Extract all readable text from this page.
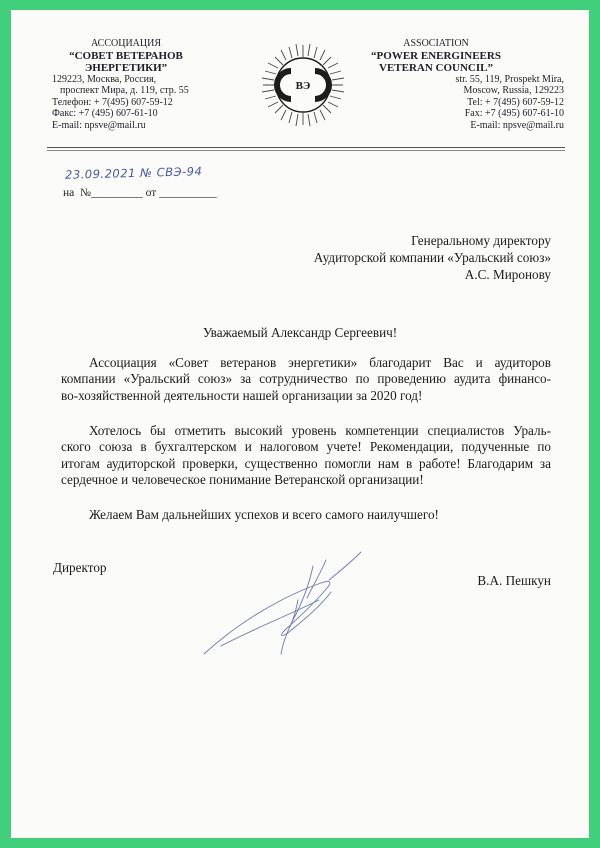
АССОЦИАЦИЯ
“СОВЕТ ВЕТЕРАНОВ
ЭНЕРГЕТИКИ”
129223, Москва, Россия,
проспект Мира, д. 119, стр. 55
Телефон: + 7(495) 607-59-12
Факс: +7 (495) 607-61-10
E-mail: npsve@mail.ru
ВЭ
ASSOCIATION
“POWER ENERGINEERS
VETERAN COUNCIL”
str. 55, 119, Prospekt Mira,
Moscow, Russia, 129223
Tel: + 7(495) 607-59-12
Fax: +7 (495) 607-61-10
E-mail: npsve@mail.ru
23.09.2021 № СВЭ-94
на  №_________ от __________
Генеральному директору
Аудиторской компании «Уральский союз»
А.С. Миронову
Уважаемый Александр Сергеевич!
Ассоциация «Совет ветеранов энергетики» благодарит Вас и аудиторов
компании «Уральский союз» за сотрудничество по проведению аудита финансо-
во-хозяйственной деятельности нашей организации за 2020 год!
Хотелось бы отметить высокий уровень компетенции специалистов Ураль-
ского союза в бухгалтерском и налоговом учете! Рекомендации, подученные по
итогам аудиторской проверки, существенно помогли нам в работе! Благодарим за
сердечное и человеческое понимание Ветеранской организации!
Желаем Вам дальнейших успехов и всего самого наилучшего!
Директор
В.А. Пешкун
